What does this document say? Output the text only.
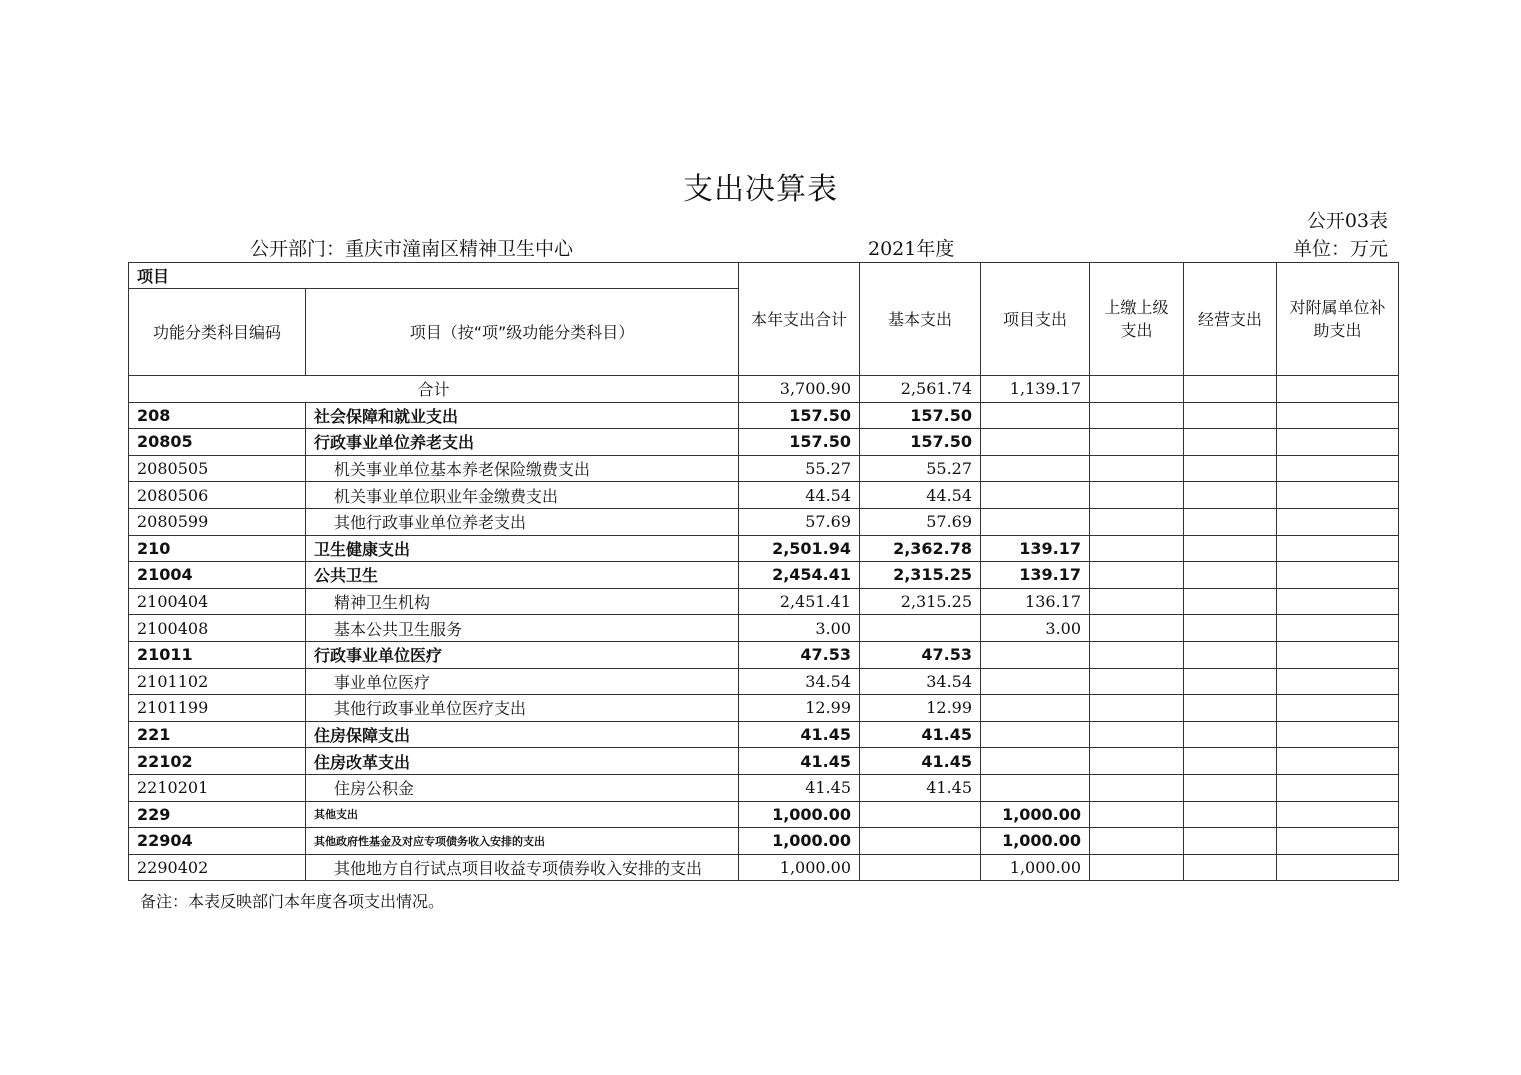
支出决算表
公开03表
公开部门：重庆市潼南区精神卫生中心	2021年度	单位：万元
项目		本年支出合计	基本支出	项目支出	上缴上级支出	经营支出	对附属单位补助支出
功能分类科目编码	项目（按“项”级功能分类科目）						
合计		3,700.90	2,561.74	1,139.17			
208	社会保障和就业支出	157.50	157.50				
20805	行政事业单位养老支出	157.50	157.50				
2080505	机关事业单位基本养老保险缴费支出	55.27	55.27				
2080506	机关事业单位职业年金缴费支出	44.54	44.54				
2080599	其他行政事业单位养老支出	57.69	57.69				
210	卫生健康支出	2,501.94	2,362.78	139.17			
21004	公共卫生	2,454.41	2,315.25	139.17			
2100404	精神卫生机构	2,451.41	2,315.25	136.17			
2100408	基本公共卫生服务	3.00		3.00			
21011	行政事业单位医疗	47.53	47.53				
2101102	事业单位医疗	34.54	34.54				
2101199	其他行政事业单位医疗支出	12.99	12.99				
221	住房保障支出	41.45	41.45				
22102	住房改革支出	41.45	41.45				
2210201	住房公积金	41.45	41.45				
229	其他支出	1,000.00		1,000.00			
22904	其他政府性基金及对应专项债务收入安排的支出	1,000.00		1,000.00			
2290402	其他地方自行试点项目收益专项债券收入安排的支出	1,000.00		1,000.00			
备注：本表反映部门本年度各项支出情况。
